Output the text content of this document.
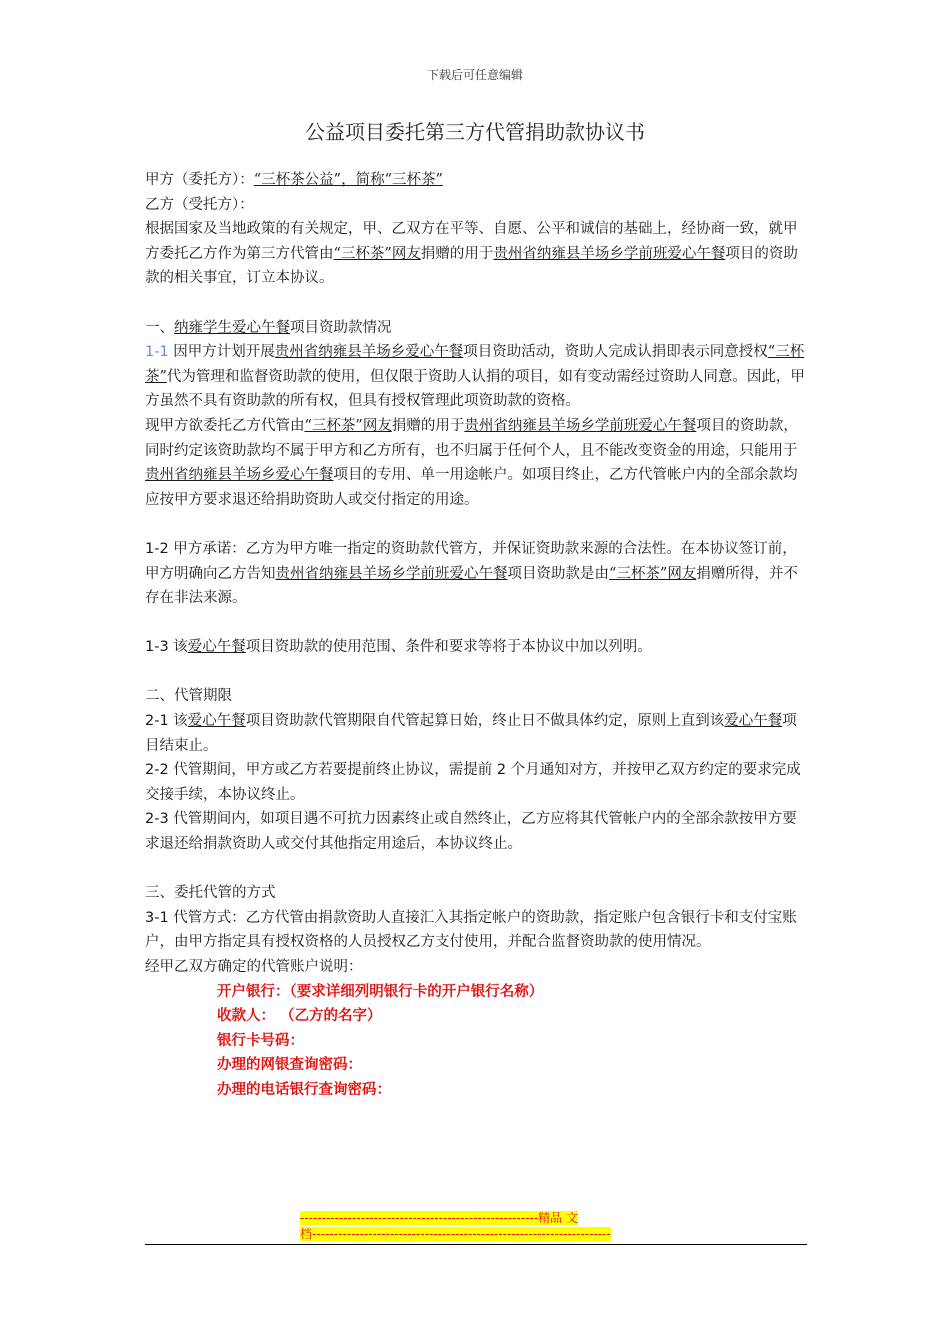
下载后可任意编辑
公益项目委托第三方代管捐助款协议书

甲方（委托方）：“三杯茶公益”，简称“三杯茶”

乙方（受托方）：

根据国家及当地政策的有关规定，甲、乙双方在平等、自愿、公平和诚信的基础上，经协商一致，就甲方委托乙方作为第三方代管由“三杯茶”网友捐赠的用于贵州省纳雍县羊场乡学前班爱心午餐项目的资助款的相关事宜，订立本协议。

一、纳雍学生爱心午餐项目资助款情况

1-1 因甲方计划开展贵州省纳雍县羊场乡爱心午餐项目资助活动，资助人完成认捐即表示同意授权“三杯茶”代为管理和监督资助款的使用，但仅限于资助人认捐的项目，如有变动需经过资助人同意。因此，甲方虽然不具有资助款的所有权，但具有授权管理此项资助款的资格。

现甲方欲委托乙方代管由“三杯茶”网友捐赠的用于贵州省纳雍县羊场乡学前班爱心午餐项目的资助款，同时约定该资助款均不属于甲方和乙方所有，也不归属于任何个人，且不能改变资金的用途，只能用于贵州省纳雍县羊场乡爱心午餐项目的专用、单一用途帐户。如项目终止，乙方代管帐户内的全部余款均应按甲方要求退还给捐助资助人或交付指定的用途。

1-2 甲方承诺：乙方为甲方唯一指定的资助款代管方，并保证资助款来源的合法性。在本协议签订前，甲方明确向乙方告知贵州省纳雍县羊场乡学前班爱心午餐项目资助款是由“三杯茶”网友捐赠所得，并不存在非法来源。

1-3 该爱心午餐项目资助款的使用范围、条件和要求等将于本协议中加以列明。

二、代管期限

2-1 该爱心午餐项目资助款代管期限自代管起算日始，终止日不做具体约定，原则上直到该爱心午餐项目结束止。

2-2 代管期间，甲方或乙方若要提前终止协议，需提前 2 个月通知对方，并按甲乙双方约定的要求完成交接手续，本协议终止。

2-3 代管期间内，如项目遇不可抗力因素终止或自然终止，乙方应将其代管帐户内的全部余款按甲方要求退还给捐款资助人或交付其他指定用途后，本协议终止。

三、委托代管的方式

3-1 代管方式：乙方代管由捐款资助人直接汇入其指定帐户的资助款，指定账户包含银行卡和支付宝账户，由甲方指定具有授权资格的人员授权乙方支付使用，并配合监督资助款的使用情况。

经甲乙双方确定的代管账户说明：

开户银行：（要求详细列明银行卡的开户银行名称）

收款人： （乙方的名字）

银行卡号码：

办理的网银查询密码：

办理的电话银行查询密码：

-------------------------------------------------------精品 文
档---------------------------------------------------------------------
